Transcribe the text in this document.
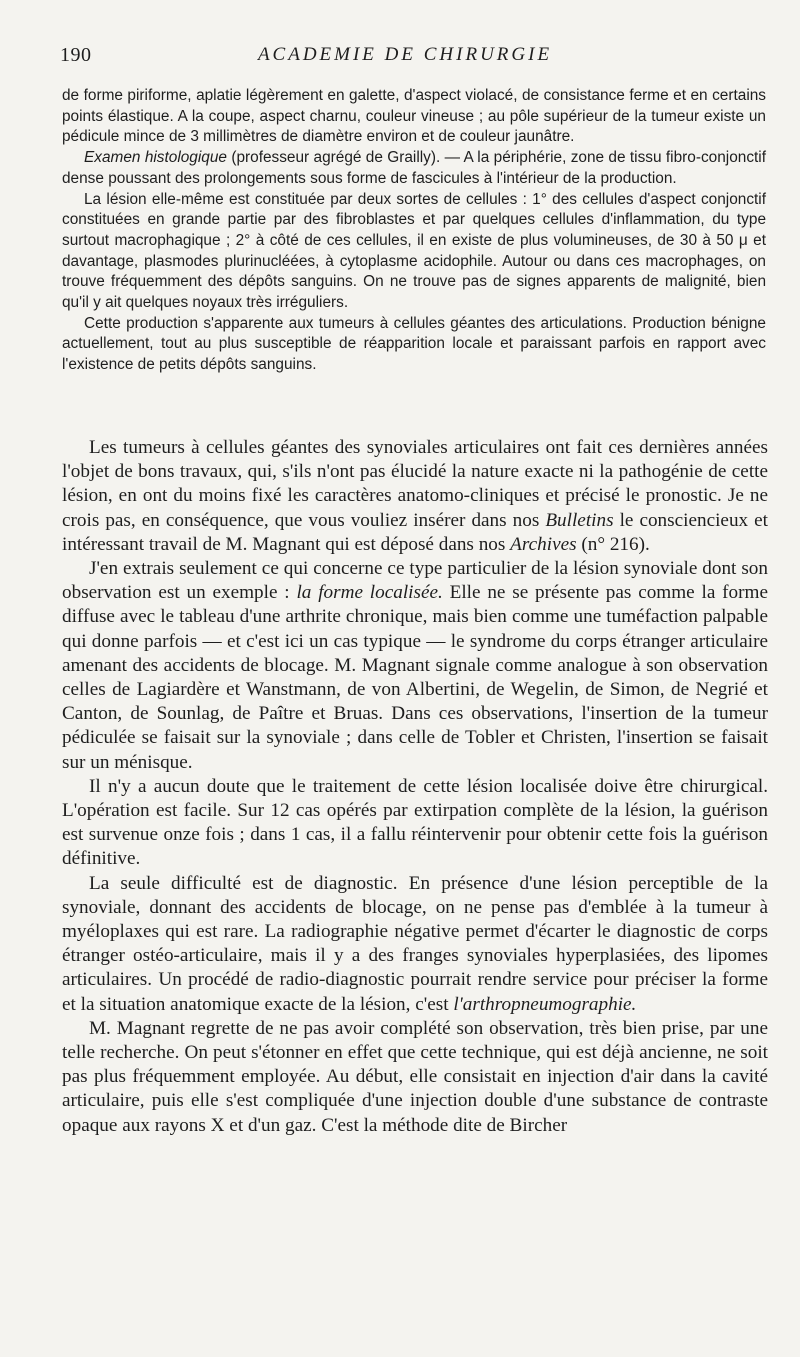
190	ACADEMIE DE CHIRURGIE

de forme piriforme, aplatie légèrement en galette, d'aspect violacé, de consistance ferme et en certains points élastique. A la coupe, aspect charnu, couleur vineuse ; au pôle supérieur de la tumeur existe un pédicule mince de 3 millimètres de diamètre environ et de couleur jaunâtre.

Examen histologique (professeur agrégé de Grailly). — A la périphérie, zone de tissu fibro-conjonctif dense poussant des prolongements sous forme de fascicules à l'intérieur de la production.

La lésion elle-même est constituée par deux sortes de cellules : 1° des cellules d'aspect conjonctif constituées en grande partie par des fibroblastes et par quelques cellules d'inflammation, du type surtout macrophagique ; 2° à côté de ces cellules, il en existe de plus volumineuses, de 30 à 50 μ et davantage, plasmodes plurinucléées, à cytoplasme acidophile. Autour ou dans ces macrophages, on trouve fréquemment des dépôts sanguins. On ne trouve pas de signes apparents de malignité, bien qu'il y ait quelques noyaux très irréguliers.

Cette production s'apparente aux tumeurs à cellules géantes des articulations. Production bénigne actuellement, tout au plus susceptible de réapparition locale et paraissant parfois en rapport avec l'existence de petits dépôts sanguins.

Les tumeurs à cellules géantes des synoviales articulaires ont fait ces dernières années l'objet de bons travaux, qui, s'ils n'ont pas élucidé la nature exacte ni la pathogénie de cette lésion, en ont du moins fixé les caractères anatomo-cliniques et précisé le pronostic. Je ne crois pas, en conséquence, que vous vouliez insérer dans nos Bulletins le consciencieux et intéressant travail de M. Magnant qui est déposé dans nos Archives (n° 216).

J'en extrais seulement ce qui concerne ce type particulier de la lésion synoviale dont son observation est un exemple : la forme localisée. Elle ne se présente pas comme la forme diffuse avec le tableau d'une arthrite chronique, mais bien comme une tuméfaction palpable qui donne parfois — et c'est ici un cas typique — le syndrome du corps étranger articulaire amenant des accidents de blocage. M. Magnant signale comme analogue à son observation celles de Lagiardère et Wanstmann, de von Albertini, de Wegelin, de Simon, de Negrié et Canton, de Sounlag, de Paître et Bruas. Dans ces observations, l'insertion de la tumeur pédiculée se faisait sur la synoviale ; dans celle de Tobler et Christen, l'insertion se faisait sur un ménisque.

Il n'y a aucun doute que le traitement de cette lésion localisée doive être chirurgical. L'opération est facile. Sur 12 cas opérés par extirpation complète de la lésion, la guérison est survenue onze fois ; dans 1 cas, il a fallu réintervenir pour obtenir cette fois la guérison définitive.

La seule difficulté est de diagnostic. En présence d'une lésion perceptible de la synoviale, donnant des accidents de blocage, on ne pense pas d'emblée à la tumeur à myéloplaxes qui est rare. La radiographie négative permet d'écarter le diagnostic de corps étranger ostéo-articulaire, mais il y a des franges synoviales hyperplasiées, des lipomes articulaires. Un procédé de radio-diagnostic pourrait rendre service pour préciser la forme et la situation anatomique exacte de la lésion, c'est l'arthropneumographie.

M. Magnant regrette de ne pas avoir complété son observation, très bien prise, par une telle recherche. On peut s'étonner en effet que cette technique, qui est déjà ancienne, ne soit pas plus fréquemment employée. Au début, elle consistait en injection d'air dans la cavité articulaire, puis elle s'est compliquée d'une injection double d'une substance de contraste opaque aux rayons X et d'un gaz. C'est la méthode dite de Bircher
